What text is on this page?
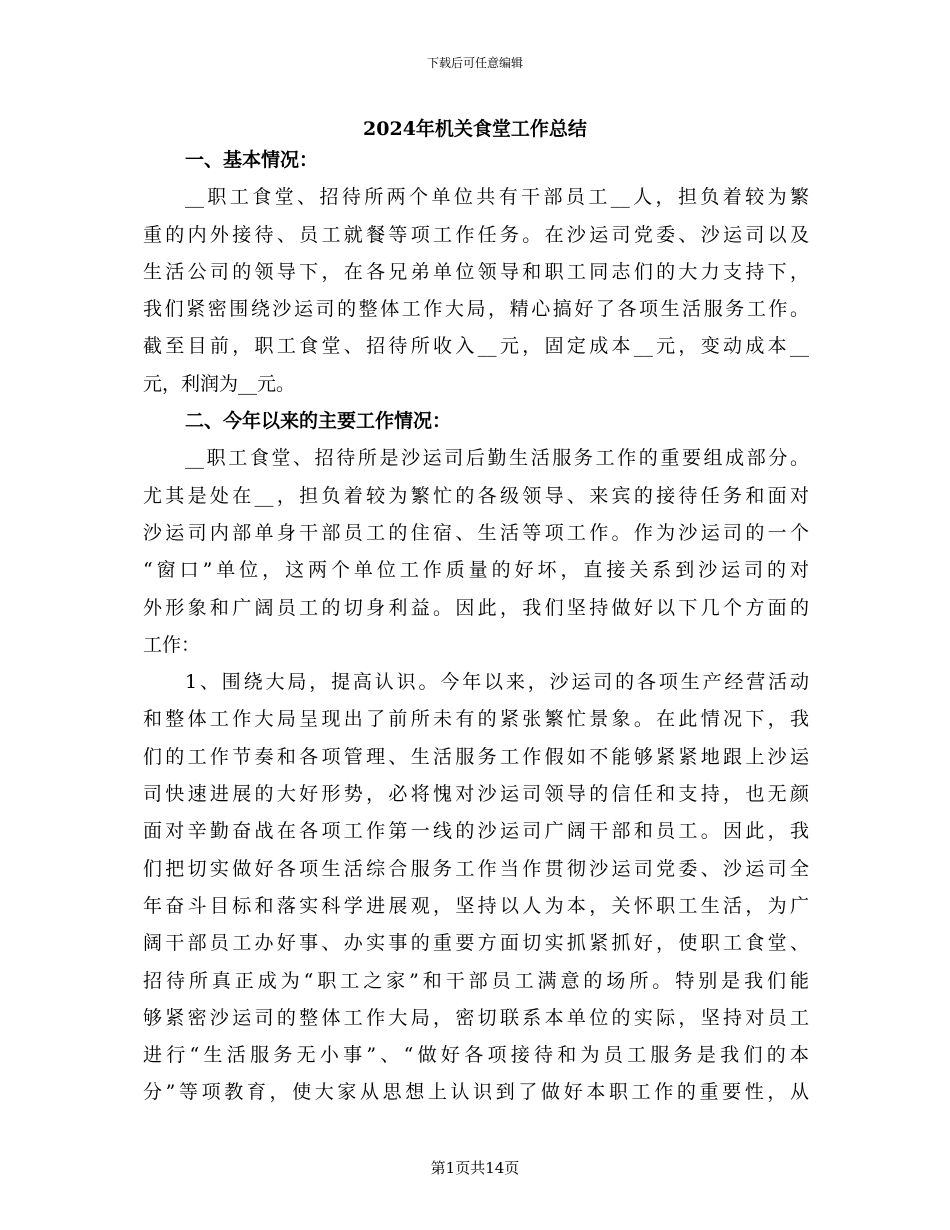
下载后可任意编辑
2024年机关食堂工作总结
一、基本情况：
__职工食堂、招待所两个单位共有干部员工__人，担负着较为繁
重的内外接待、员工就餐等项工作任务。在沙运司党委、沙运司以及
生活公司的领导下，在各兄弟单位领导和职工同志们的大力支持下，
我们紧密围绕沙运司的整体工作大局，精心搞好了各项生活服务工作。
截至目前，职工食堂、招待所收入__元，固定成本__元，变动成本__
元，利润为__元。
二、今年以来的主要工作情况：
__职工食堂、招待所是沙运司后勤生活服务工作的重要组成部分。
尤其是处在__，担负着较为繁忙的各级领导、来宾的接待任务和面对
沙运司内部单身干部员工的住宿、生活等项工作。作为沙运司的一个
“窗口”单位，这两个单位工作质量的好坏，直接关系到沙运司的对
外形象和广阔员工的切身利益。因此，我们坚持做好以下几个方面的
工作：
1、围绕大局，提高认识。今年以来，沙运司的各项生产经营活动
和整体工作大局呈现出了前所未有的紧张繁忙景象。在此情况下，我
们的工作节奏和各项管理、生活服务工作假如不能够紧紧地跟上沙运
司快速进展的大好形势，必将愧对沙运司领导的信任和支持，也无颜
面对辛勤奋战在各项工作第一线的沙运司广阔干部和员工。因此，我
们把切实做好各项生活综合服务工作当作贯彻沙运司党委、沙运司全
年奋斗目标和落实科学进展观，坚持以人为本，关怀职工生活，为广
阔干部员工办好事、办实事的重要方面切实抓紧抓好，使职工食堂、
招待所真正成为“职工之家”和干部员工满意的场所。特别是我们能
够紧密沙运司的整体工作大局，密切联系本单位的实际，坚持对员工
进行“生活服务无小事”、“做好各项接待和为员工服务是我们的本
分”等项教育，使大家从思想上认识到了做好本职工作的重要性，从
第1页共14页
